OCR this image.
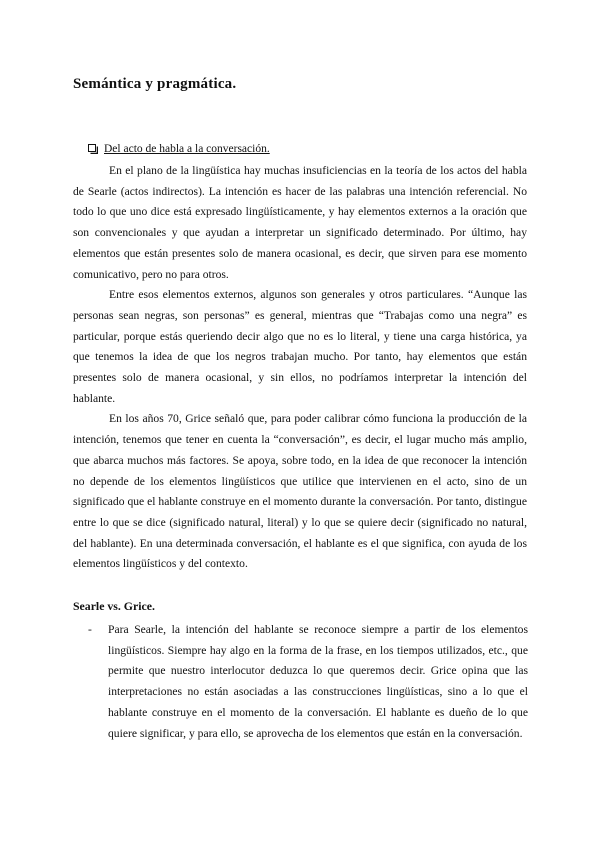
Semántica y pragmática.
Del acto de habla a la conversación.

En el plano de la lingüística hay muchas insuficiencias en la teoría de los actos del habla de Searle (actos indirectos). La intención es hacer de las palabras una intención referencial. No todo lo que uno dice está expresado lingüísticamente, y hay elementos externos a la oración que son convencionales y que ayudan a interpretar un significado determinado. Por último, hay elementos que están presentes solo de manera ocasional, es decir, que sirven para ese momento comunicativo, pero no para otros.

Entre esos elementos externos, algunos son generales y otros particulares. “Aunque las personas sean negras, son personas” es general, mientras que “Trabajas como una negra” es particular, porque estás queriendo decir algo que no es lo literal, y tiene una carga histórica, ya que tenemos la idea de que los negros trabajan mucho. Por tanto, hay elementos que están presentes solo de manera ocasional, y sin ellos, no podríamos interpretar la intención del hablante.

En los años 70, Grice señaló que, para poder calibrar cómo funciona la producción de la intención, tenemos que tener en cuenta la “conversación”, es decir, el lugar mucho más amplio, que abarca muchos más factores. Se apoya, sobre todo, en la idea de que reconocer la intención no depende de los elementos lingüísticos que utilice que intervienen en el acto, sino de un significado que el hablante construye en el momento durante la conversación. Por tanto, distingue entre lo que se dice (significado natural, literal) y lo que se quiere decir (significado no natural, del hablante). En una determinada conversación, el hablante es el que significa, con ayuda de los elementos lingüísticos y del contexto.

Searle vs. Grice.
-	Para Searle, la intención del hablante se reconoce siempre a partir de los elementos lingüísticos. Siempre hay algo en la forma de la frase, en los tiempos utilizados, etc., que permite que nuestro interlocutor deduzca lo que queremos decir. Grice opina que las interpretaciones no están asociadas a las construcciones lingüísticas, sino a lo que el hablante construye en el momento de la conversación. El hablante es dueño de lo que quiere significar, y para ello, se aprovecha de los elementos que están en la conversación.
